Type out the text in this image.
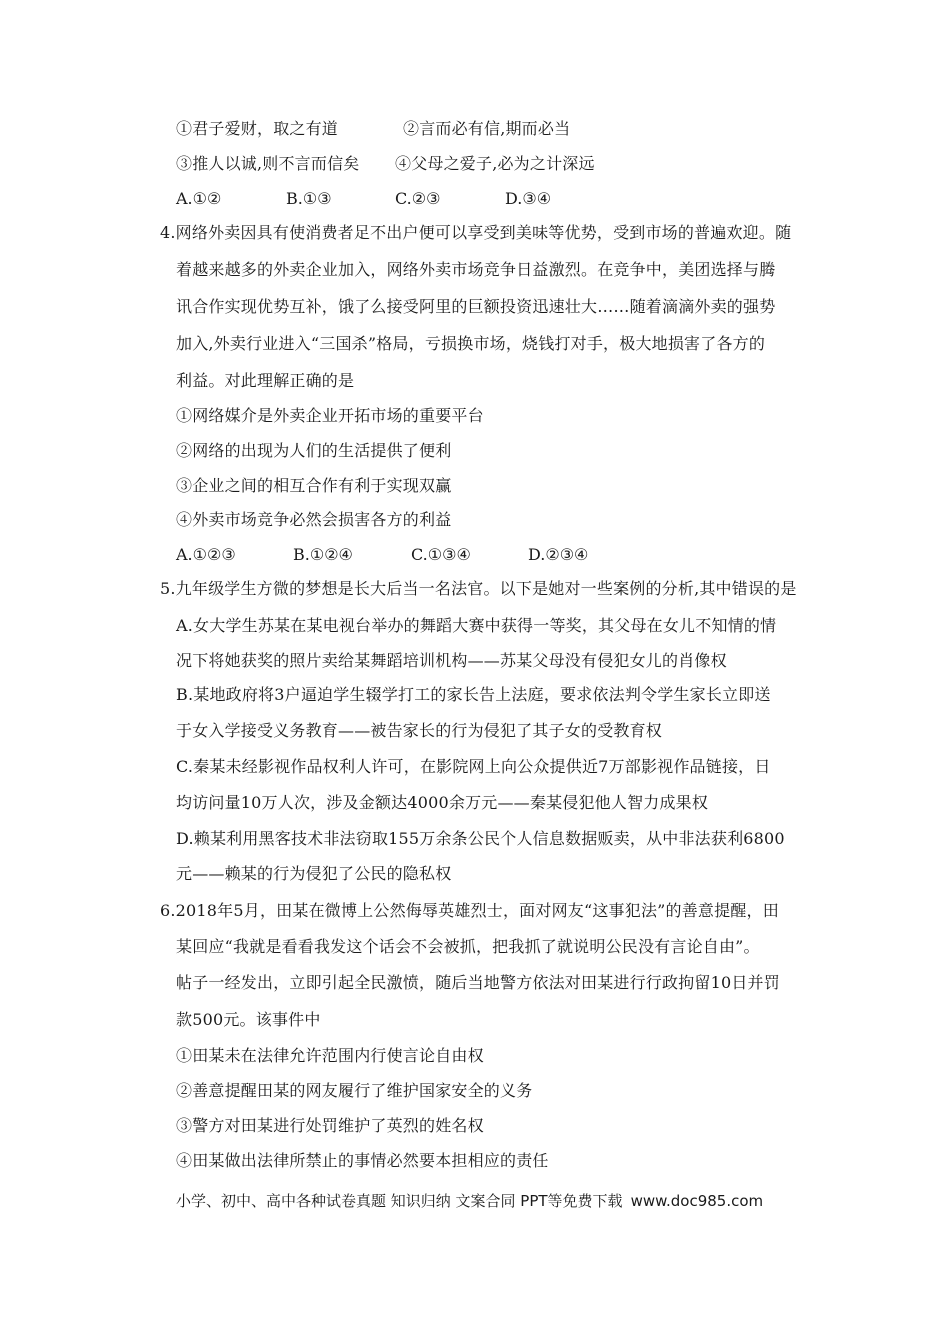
①君子爱财，取之有道	②言而必有信,期而必当
③推人以诚,则不言而信矣 ④父母之爱子,必为之计深远
A.①②	B.①③	C.②③	D.③④
4.网络外卖因具有使消费者足不出户便可以享受到美味等优势，受到市场的普遍欢迎。随
着越来越多的外卖企业加入，网络外卖市场竞争日益激烈。在竞争中，美团选择与腾
讯合作实现优势互补，饿了么接受阿里的巨额投资迅速壮大……随着滴滴外卖的强势
加入,外卖行业进入“三国杀”格局，亏损换市场，烧钱打对手，极大地损害了各方的
利益。对此理解正确的是
①网络媒介是外卖企业开拓市场的重要平台
②网络的出现为人们的生活提供了便利
③企业之间的相互合作有利于实现双赢
④外卖市场竞争必然会损害各方的利益
A.①②③	B.①②④	C.①③④	D.②③④
5.九年级学生方微的梦想是长大后当一名法官。以下是她对一些案例的分析,其中错误的是
A.女大学生苏某在某电视台举办的舞蹈大赛中获得一等奖，其父母在女儿不知情的情
况下将她获奖的照片卖给某舞蹈培训机构——苏某父母没有侵犯女儿的肖像权
B.某地政府将3户逼迫学生辍学打工的家长告上法庭，要求依法判令学生家长立即送
于女入学接受义务教育——被告家长的行为侵犯了其子女的受教育权
C.秦某未经影视作品权利人许可，在影院网上向公众提供近7万部影视作品链接，日
均访问量10万人次，涉及金额达4000余万元——秦某侵犯他人智力成果权
D.赖某利用黑客技术非法窃取155万余条公民个人信息数据贩卖，从中非法获利6800
元——赖某的行为侵犯了公民的隐私权
6.2018年5月，田某在微博上公然侮辱英雄烈士，面对网友“这事犯法”的善意提醒，田
某回应“我就是看看我发这个话会不会被抓，把我抓了就说明公民没有言论自由”。
帖子一经发出，立即引起全民激愤，随后当地警方依法对田某进行行政拘留10日并罚
款500元。该事件中
①田某未在法律允许范围内行使言论自由权
②善意提醒田某的网友履行了维护国家安全的义务
③警方对田某进行处罚维护了英烈的姓名权
④田某做出法律所禁止的事情必然要本担相应的责任
小学、初中、高中各种试卷真题 知识归纳 文案合同 PPT等免费下载 www.doc985.com
